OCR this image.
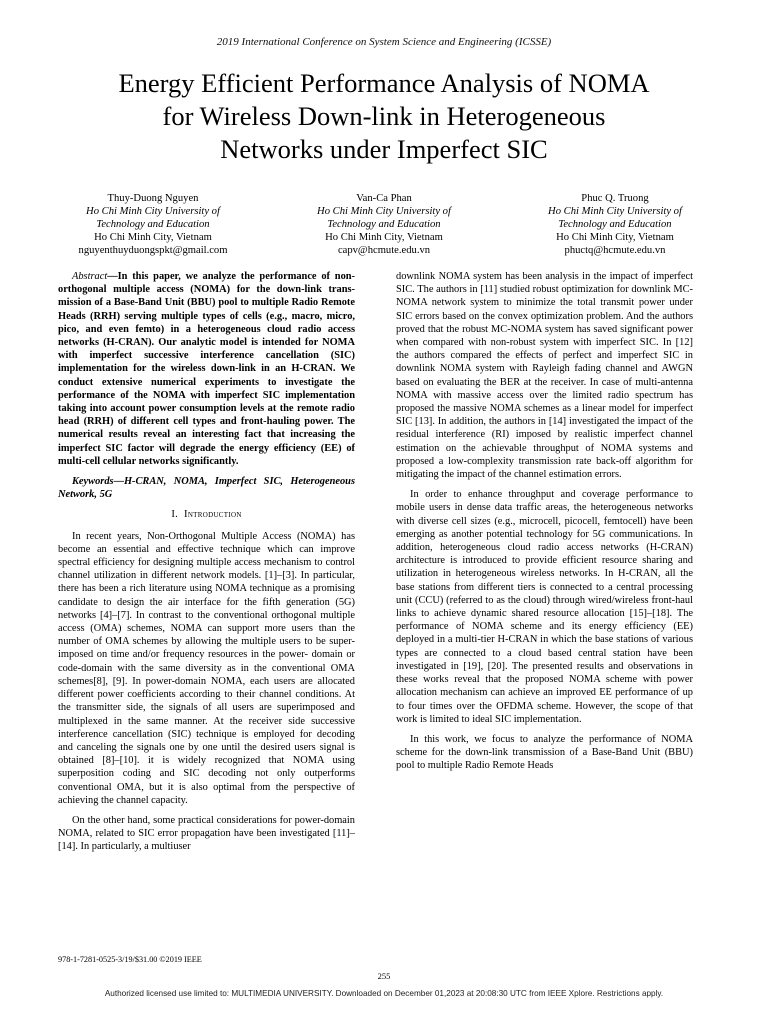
2019 International Conference on System Science and Engineering (ICSSE)
Energy Efficient Performance Analysis of NOMA
for Wireless Down-link in Heterogeneous
Networks under Imperfect SIC
Thuy-Duong Nguyen
Ho Chi Minh City University of
Technology and Education
Ho Chi Minh City, Vietnam
nguyenthuyduongspkt@gmail.com
Van-Ca Phan
Ho Chi Minh City University of
Technology and Education
Ho Chi Minh City, Vietnam
capv@hcmute.edu.vn
Phuc Q. Truong
Ho Chi Minh City University of
Technology and Education
Ho Chi Minh City, Vietnam
phuctq@hcmute.edu.vn

Abstract—In this paper, we analyze the performance of non- orthogonal multiple access (NOMA) for the down-link trans- mission of a Base-Band Unit (BBU) pool to multiple Radio Remote Heads (RRH) serving multiple types of cells (e.g., macro, micro, pico, and even femto) in a heterogeneous cloud radio access networks (H-CRAN). Our analytic model is intended for NOMA with imperfect successive interference cancellation (SIC) implementation for the wireless down-link in an H-CRAN. We conduct extensive numerical experiments to investigate the performance of the NOMA with imperfect SIC implementation taking into account power consumption levels at the remote radio head (RRH) of different cell types and front-hauling power. The numerical results reveal an interesting fact that increasing the imperfect SIC factor will degrade the energy efficiency (EE) of multi-cell cellular networks significantly.

Keywords—H-CRAN, NOMA, Imperfect SIC, Heterogeneous Network, 5G

I. Introduction

In recent years, Non-Orthogonal Multiple Access (NOMA) has become an essential and effective technique which can improve spectral efficiency for designing multiple access mechanism to control channel utilization in different network models. [1]–[3]. In particular, there has been a rich literature using NOMA technique as a promising candidate to design the air interface for the fifth generation (5G) networks [4]–[7]. In contrast to the conventional orthogonal multiple access (OMA) schemes, NOMA can support more users than the number of OMA schemes by allowing the multiple users to be super- imposed on time and/or frequency resources in the power- domain or code-domain with the same diversity as in the conventional OMA schemes[8], [9]. In power-domain NOMA, each users are allocated different power coefficients according to their channel conditions. At the transmitter side, the signals of all users are superimposed and multiplexed in the same manner. At the receiver side successive interference cancellation (SIC) technique is employed for decoding and canceling the signals one by one until the desired users signal is obtained [8]–[10]. it is widely recognized that NOMA using superposition coding and SIC decoding not only outperforms conventional OMA, but it is also optimal from the perspective of achieving the channel capacity.

On the other hand, some practical considerations for power-domain NOMA, related to SIC error propagation have been investigated [11]–[14]. In particularly, a multiuser

downlink NOMA system has been analysis in the impact of imperfect SIC. The authors in [11] studied robust optimization for downlink MC-NOMA network system to minimize the total transmit power under SIC errors based on the convex optimization problem. And the authors proved that the robust MC-NOMA system has saved significant power when compared with non-robust system with imperfect SIC. In [12] the authors compared the effects of perfect and imperfect SIC in downlink NOMA system with Rayleigh fading channel and AWGN based on evaluating the BER at the receiver. In case of multi-antenna NOMA with massive access over the limited radio spectrum has proposed the massive NOMA schemes as a linear model for imperfect SIC [13]. In addition, the authors in [14] investigated the impact of the residual interference (RI) imposed by realistic imperfect channel estimation on the achievable throughput of NOMA systems and proposed a low-complexity transmission rate back-off algorithm for mitigating the impact of the channel estimation errors.

In order to enhance throughput and coverage performance to mobile users in dense data traffic areas, the heterogeneous networks with diverse cell sizes (e.g., microcell, picocell, femtocell) have been emerging as another potential technology for 5G communications. In addition, heterogeneous cloud radio access networks (H-CRAN) architecture is introduced to provide efficient resource sharing and utilization in heterogeneous wireless networks. In H-CRAN, all the base stations from different tiers is connected to a central processing unit (CCU) (referred to as the cloud) through wired/wireless front-haul links to achieve dynamic shared resource allocation [15]–[18]. The performance of NOMA scheme and its energy efficiency (EE) deployed in a multi-tier H-CRAN in which the base stations of various types are connected to a cloud based central station have been investigated in [19], [20]. The presented results and observations in these works reveal that the proposed NOMA scheme with power allocation mechanism can achieve an improved EE performance of up to four times over the OFDMA scheme. However, the scope of that work is limited to ideal SIC implementation.

In this work, we focus to analyze the performance of NOMA scheme for the down-link transmission of a Base-Band Unit (BBU) pool to multiple Radio Remote Heads

978-1-7281-0525-3/19/$31.00 ©2019 IEEE
255
Authorized licensed use limited to: MULTIMEDIA UNIVERSITY. Downloaded on December 01,2023 at 20:08:30 UTC from IEEE Xplore. Restrictions apply.
